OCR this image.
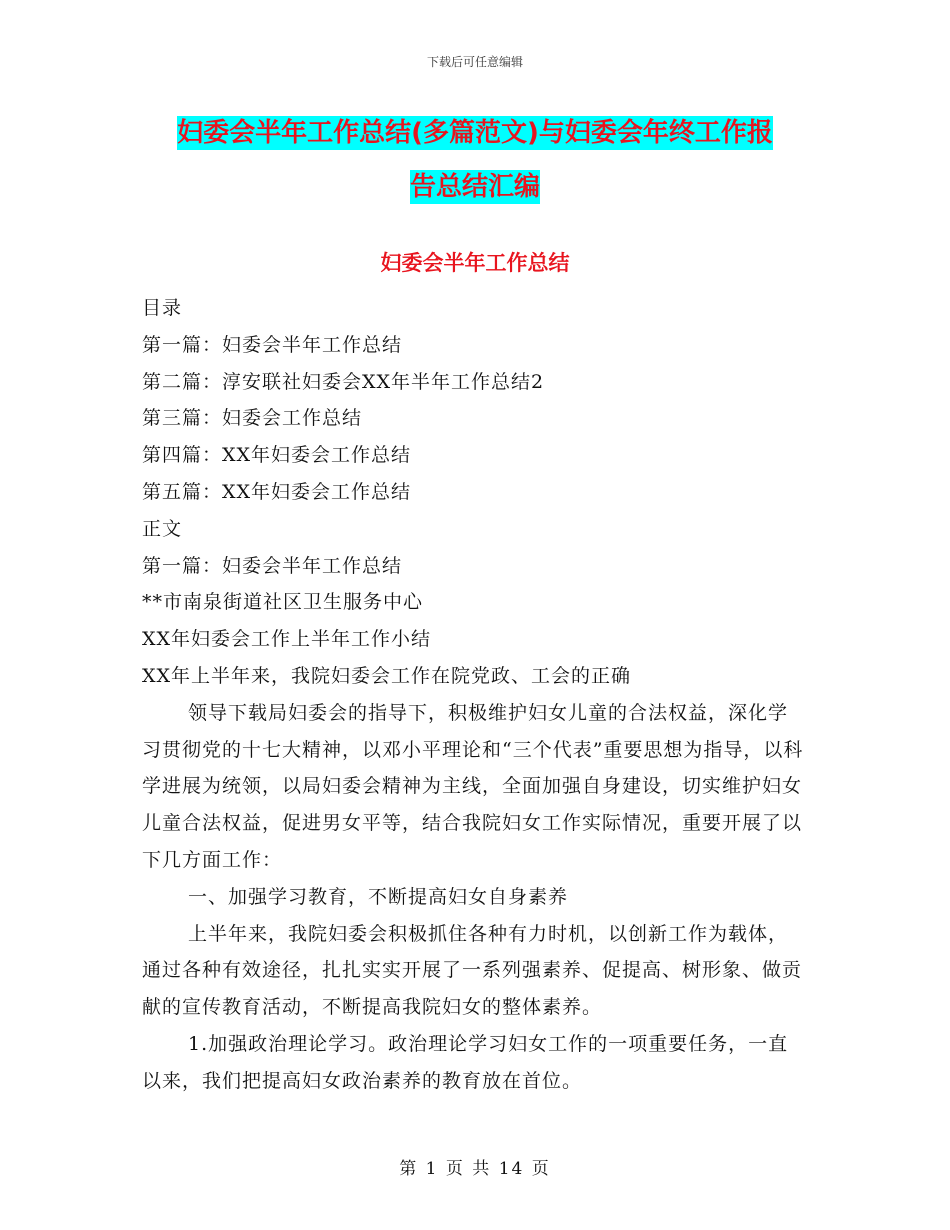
下载后可任意编辑
妇委会半年工作总结(多篇范文)与妇委会年终工作报
告总结汇编
妇委会半年工作总结

目录

第一篇：妇委会半年工作总结

第二篇：淳安联社妇委会XX年半年工作总结2

第三篇：妇委会工作总结

第四篇：XX年妇委会工作总结

第五篇：XX年妇委会工作总结

正文

第一篇：妇委会半年工作总结

**市南泉街道社区卫生服务中心

XX年妇委会工作上半年工作小结

XX年上半年来，我院妇委会工作在院党政、工会的正确

领导下载局妇委会的指导下，积极维护妇女儿童的合法权益，深化学习贯彻党的十七大精神，以邓小平理论和“三个代表”重要思想为指导，以科学进展为统领，以局妇委会精神为主线，全面加强自身建设，切实维护妇女儿童合法权益，促进男女平等，结合我院妇女工作实际情况，重要开展了以下几方面工作：

一、加强学习教育，不断提高妇女自身素养

上半年来，我院妇委会积极抓住各种有力时机，以创新工作为载体，通过各种有效途径，扎扎实实开展了一系列强素养、促提高、树形象、做贡献的宣传教育活动，不断提高我院妇女的整体素养。

1.加强政治理论学习。政治理论学习妇女工作的一项重要任务，一直以来，我们把提高妇女政治素养的教育放在首位。

第 1 页 共 14 页
